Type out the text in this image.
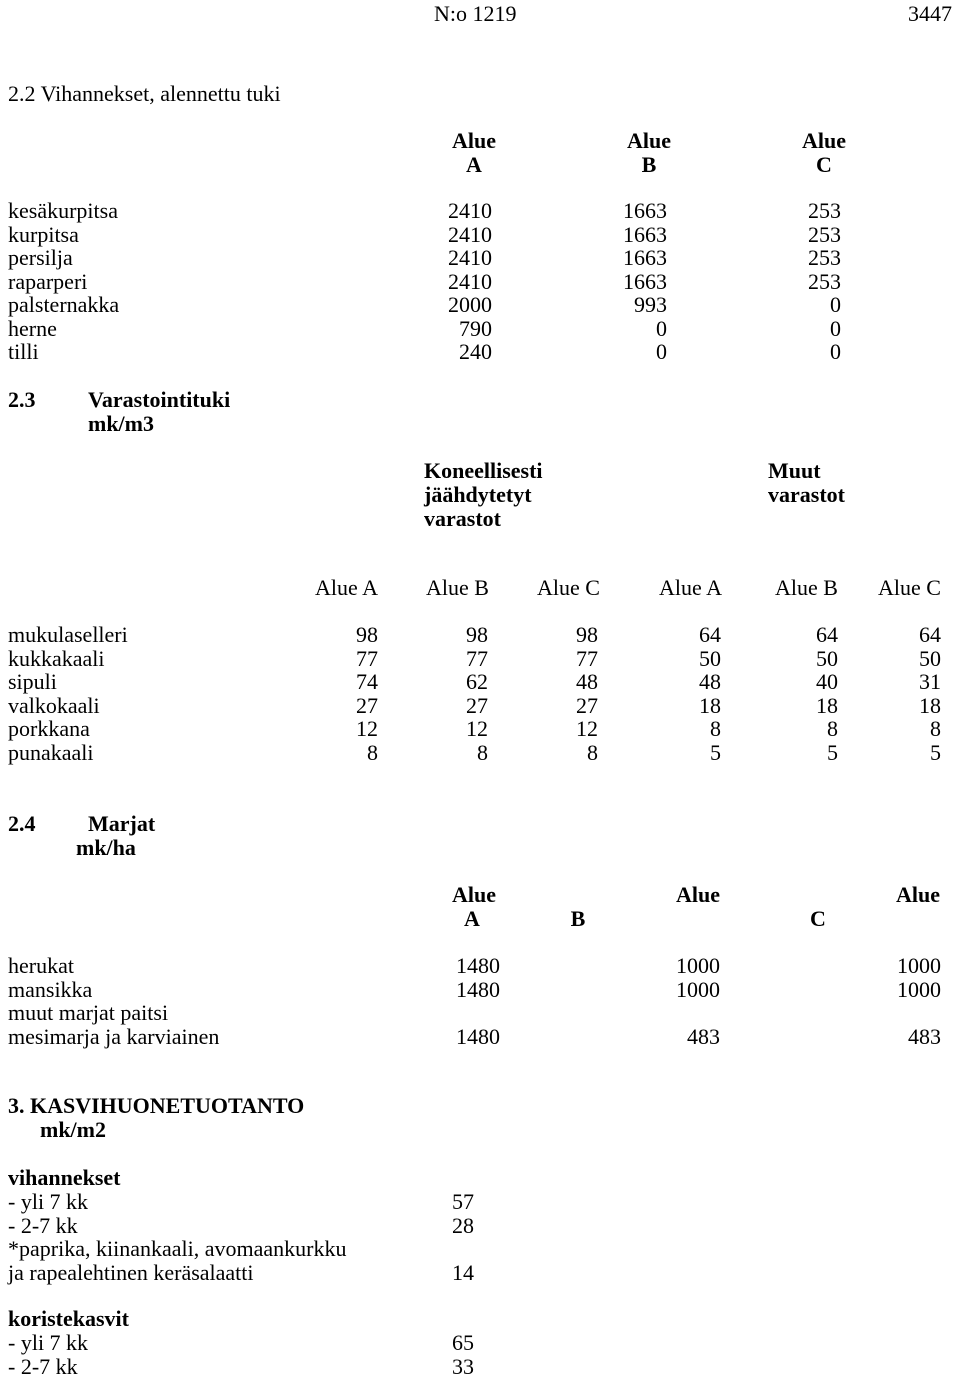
N:o 1219	3447
2.2 Vihannekset, alennettu tuki
Alue
A
Alue
B
Alue
C
kesäkurpitsa	2410	1663	253
kurpitsa	2410	1663	253
persilja	2410	1663	253
raparperi	2410	1663	253
palsternakka	2000	993	0
herne	790	0	0
tilli	240	0	0
2.3 Varastointituki
mk/m3
Koneellisesti
jäähdytetyt
varastot
Muut
varastot
Alue A	Alue B	Alue C	Alue A	Alue B	Alue C
mukulaselleri	98	98	98	64	64	64
kukkakaali	77	77	77	50	50	50
sipuli	74	62	48	48	40	31
valkokaali	27	27	27	18	18	18
porkkana	12	12	12	8	8	8
punakaali	8	8	8	5	5	5
2.4 Marjat
mk/ha
Alue	Alue	Alue
A	B	C
herukat	1480	1000	1000
mansikka	1480	1000	1000
muut marjat paitsi
mesimarja ja karviainen	1480	483	483
3. KASVIHUONETUOTANTO
mk/m2
vihannekset
koristekasvit
- yli 7 kk	57
- 2-7 kk	28
*paprika, kiinankaali, avomaankurkku
ja rapealehtinen keräsalaatti	14
- yli 7 kk	65
- 2-7 kk	33
